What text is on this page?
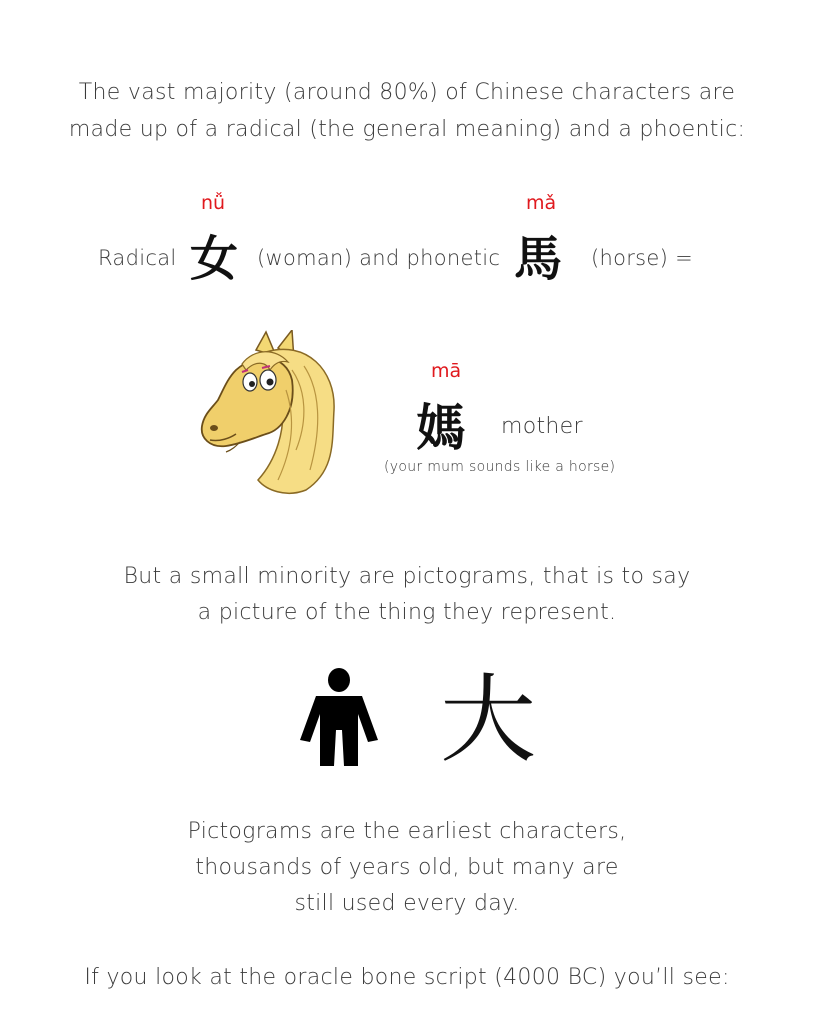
The vast majority (around 80%) of Chinese characters are
made up of a radical (the general meaning) and a phoentic:
nǚ	mǎ
Radical 女 (woman) and phonetic 馬 (horse) =
mā
媽 mother
(your mum sounds like a horse)
But a small minority are pictograms, that is to say
a picture of the thing they represent.
大
Pictograms are the earliest characters,
thousands of years old, but many are
still used every day.
If you look at the oracle bone script (4000 BC) you’ll see:
